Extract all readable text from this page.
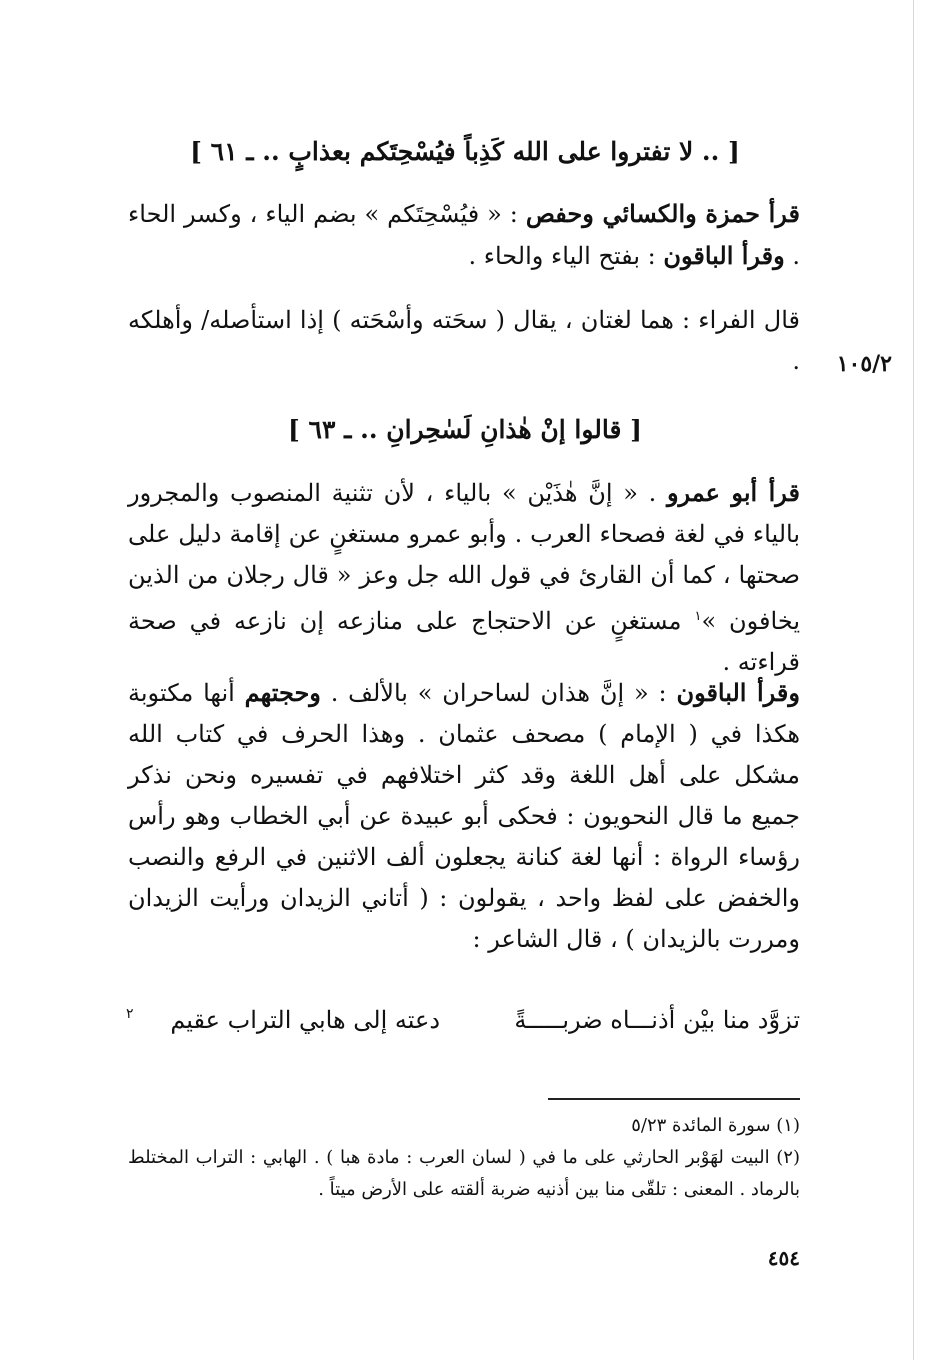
[ .. لا تفتروا على الله كَذِباً فيُسْحِتَكم بعذابٍ .. ـ ٦١ ]
قرأ حمزة والكسائي وحفص : « فيُسْحِتَكم » بضم الياء ، وكسر الحاء . وقرأ الباقون : بفتح الياء والحاء .
قال الفراء : هما لغتان ، يقال ( سحَته وأسْحَته ) إذا استأصله/ وأهلكه .	١٠٥/٢
[ قالوا إنْ هٰذانِ لَسٰحِرانِ .. ـ ٦٣ ]
قرأ أبو عمرو . « إنَّ هٰذَيْن » بالياء ، لأن تثنية المنصوب والمجرور بالياء في لغة فصحاء العرب . وأبو عمرو مستغنٍ عن إقامة دليل على صحتها ، كما أن القارئ في قول الله جل وعز « قال رجلان من الذين يخافون »$^١$ مستغنٍ عن الاحتجاج على منازعه إن نازعه في صحة قراءته .
وقرأ الباقون : « إنَّ هذان لساحران » بالألف . وحجتهم أنها مكتوبة هكذا في ( الإمام ) مصحف عثمان . وهذا الحرف في كتاب الله مشكل على أهل اللغة وقد كثر اختلافهم في تفسيره ونحن نذكر جميع ما قال النحويون : فحكى أبو عبيدة عن أبي الخطاب وهو رأس رؤساء الرواة : أنها لغة كنانة يجعلون ألف الاثنين في الرفع والنصب والخفض على لفظ واحد ، يقولون : ( أتاني الزيدان ورأيت الزيدان ومررت بالزيدان ) ، قال الشاعر :
تزوَّد منا بيْن أذنـــاه ضربـــــةً
دعته إلى هابي التراب عقيم
٢
(١) سورة المائدة ٥/٢٣
(٢) البيت لهَوْبر الحارثي على ما في ( لسان العرب : مادة هبا ) . الهابي : التراب المختلط بالرماد . المعنى : تلقّى منا بين أذنيه ضربة ألقته على الأرض ميتاً .
٤٥٤
